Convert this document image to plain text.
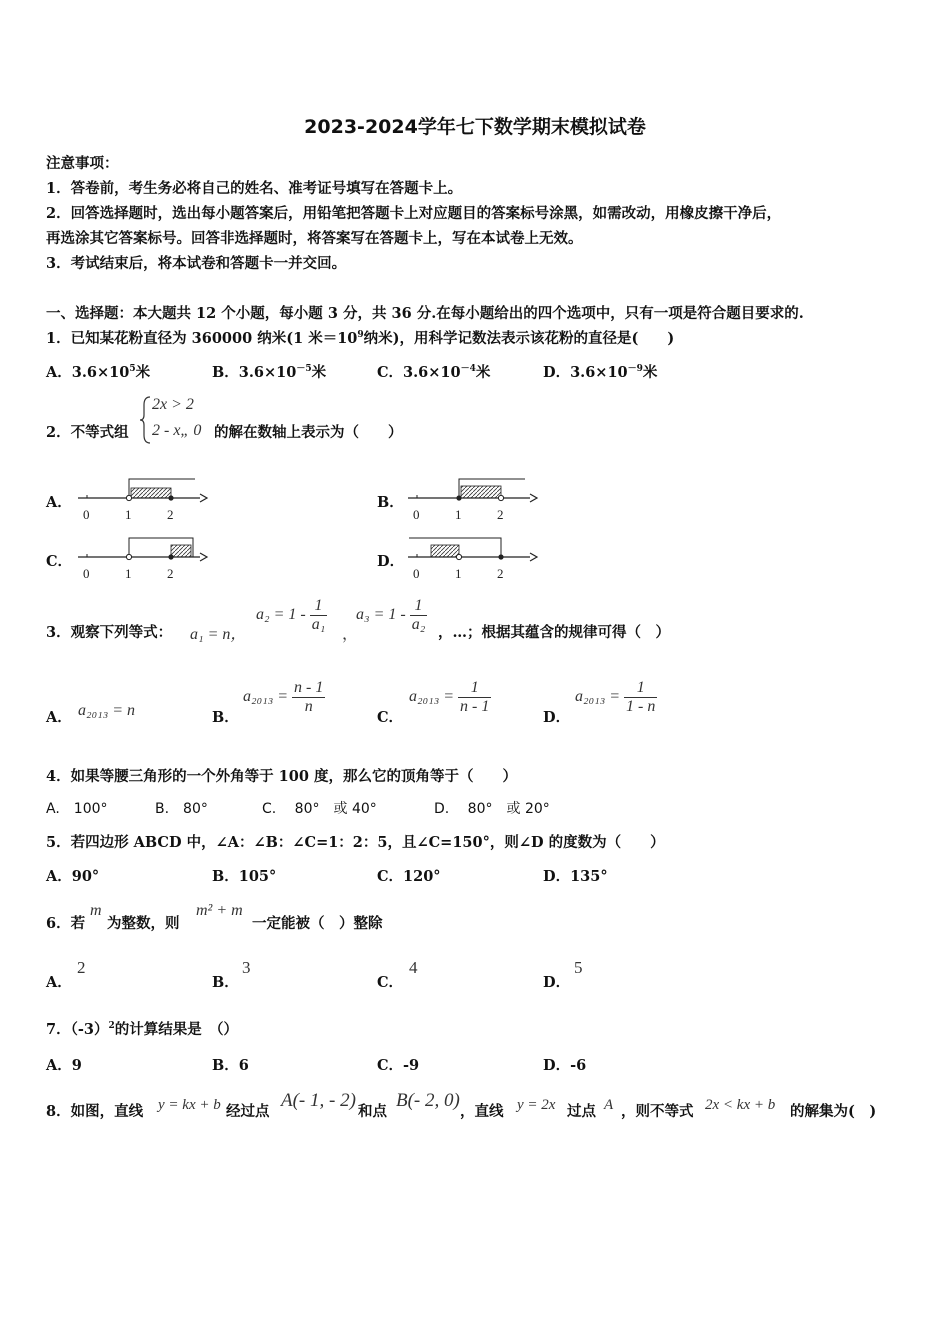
2023-2024学年七下数学期末模拟试卷
注意事项：
1．答卷前，考生务必将自己的姓名、准考证号填写在答题卡上。
2．回答选择题时，选出每小题答案后，用铅笔把答题卡上对应题目的答案标号涂黑，如需改动，用橡皮擦干净后，
再选涂其它答案标号。回答非选择题时，将答案写在答题卡上，写在本试卷上无效。
3．考试结束后，将本试卷和答题卡一并交回。
一、选择题：本大题共 12 个小题，每小题 3 分，共 36 分.在每小题给出的四个选项中，只有一项是符合题目要求的.
1．已知某花粉直径为 360000 纳米(1 米$=10^9$纳米)，用科学记数法表示该花粉的直径是(　　)
A．$3.6\times 10^5$米	B．$3.6\times 10^{-5}$米	C．$3.6\times 10^{-4}$米	D．$3.6\times 10^{-9}$米
2．不等式组
2x > 2
2 - x„ 0 的解在数轴上表示为（　　）
A．
0	1	2
B．
0	1	2
C．
0	1	2
D．
0	1	2
3．观察下列等式： a₁ = n，
$a_2 = 1 - \frac{1}{\text{a₁}}$
，
$a_3 = 1 - \frac{1}{\text{a₂}}$ ，…；根据其蕴含的规律可得（　）
A． a₂₀₁₃ = n	B．
$a_{2013} = \frac{n - 1}{n}$
C．
$a_{2013} = \frac{1}{n - 1}$
D．
$a_{2013} = \frac{1}{1 - n}$
4．如果等腰三角形的一个外角等于 100 度，那么它的顶角等于（　　）
A.　100°	B.　80°	C.　 80°　或 40°	D.　 80°　或 20°
5．若四边形 ABCD 中，∠A：∠B：∠C=1：2：5，且∠C=150°，则∠D 的度数为（　　）
A．90°	B．105°	C．120°	D．135°
6．若
m
为整数，则
m² + m
一定能被（　）整除
A．
2
B．
3
C．
4
D．
5
7．$(-3)^2$的计算结果是　（）
A．9	B．6	C．-9	D．-6
8．如图，直线 y = kx + b 经过点
A(- 1, - 2)
和点
B(- 2, 0)
，直线 y = 2x 过点 A ，则不等式 2x < kx + b 的解集为(　)
